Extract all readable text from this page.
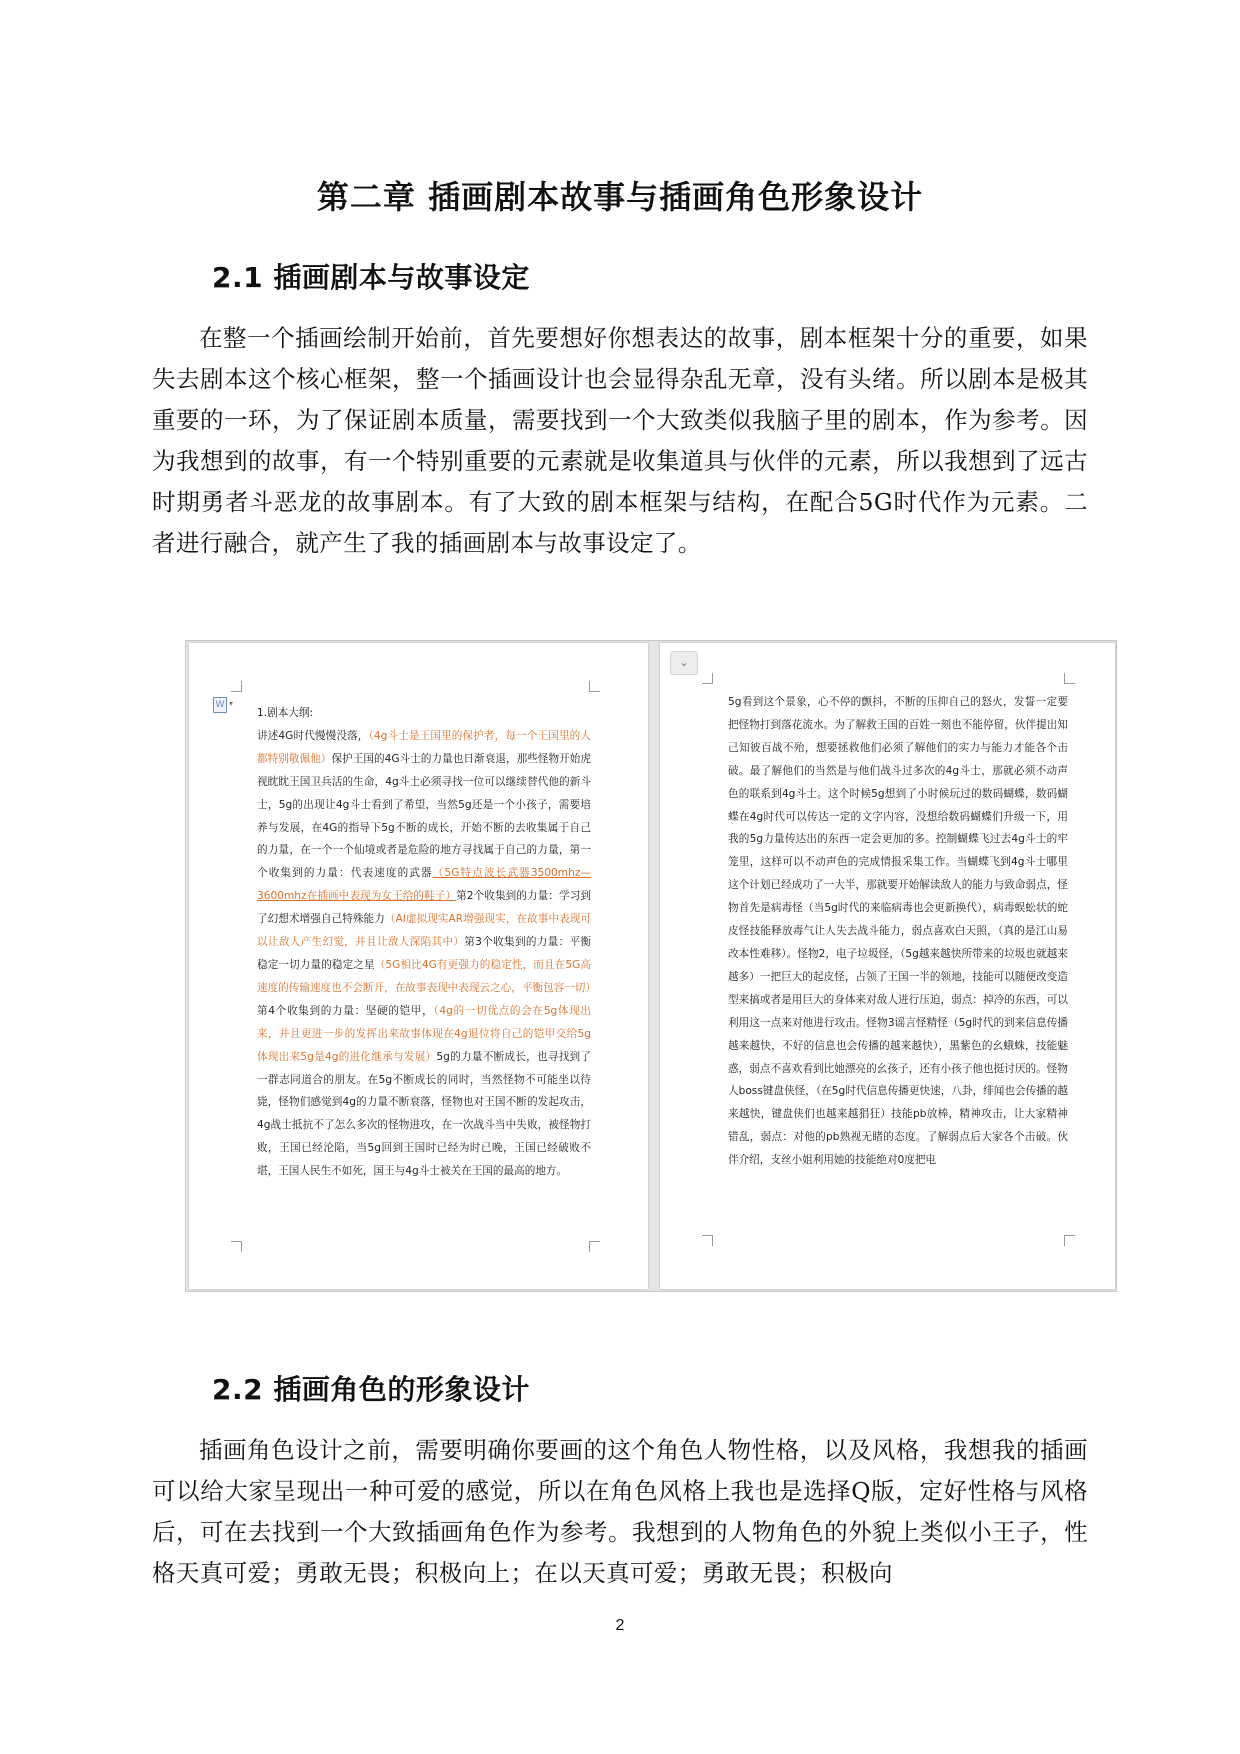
第二章 插画剧本故事与插画角色形象设计
2.1 插画剧本与故事设定

在整一个插画绘制开始前，首先要想好你想表达的故事，剧本框架十分的重要，如果失去剧本这个核心框架，整一个插画设计也会显得杂乱无章，没有头绪。所以剧本是极其重要的一环，为了保证剧本质量，需要找到一个大致类似我脑子里的剧本，作为参考。因为我想到的故事，有一个特别重要的元素就是收集道具与伙伴的元素，所以我想到了远古时期勇者斗恶龙的故事剧本。有了大致的剧本框架与结构，在配合5G时代作为元素。二者进行融合，就产生了我的插画剧本与故事设定了。

W ▾
1.剧本大纲:
讲述4G时代慢慢没落，（4g斗士是王国里的保护者，每一个王国里的人都特别敬佩他）保护王国的4G斗士的力量也日渐衰退，那些怪物开始虎视眈眈王国卫兵活的生命，4g斗士必须寻找一位可以继续替代他的新斗士，5g的出现让4g斗士看到了希望，当然5g还是一个小孩子，需要培养与发展，在4G的指导下5g不断的成长，开始不断的去收集属于自己的力量，在一个一个仙境或者是危险的地方寻找属于自己的力量，第一个收集到的力量：代表速度的武器（5G特点波长武器3500mhz—3600mhz在插画中表现为女王给的鞋子）第2个收集到的力量：学习到了幻想术增强自己特殊能力（AI虚拟现实AR增强现实，在故事中表现可以让敌人产生幻觉，并且让敌人深陷其中）第3个收集到的力量：平衡稳定一切力量的稳定之星（5G相比4G有更强力的稳定性，而且在5G高速度的传输速度也不会断开，在故事表现中表现云之心，平衡包容一切）第4个收集到的力量：坚硬的铠甲，（4g的一切优点的会在5g体现出来，并且更进一步的发挥出来故事体现在4g退位将自己的铠甲交给5g体现出来5g是4g的进化继承与发展）5g的力量不断成长，也寻找到了一群志同道合的朋友。在5g不断成长的同时，当然怪物不可能坐以待毙，怪物们感觉到4g的力量不断衰落，怪物也对王国不断的发起攻击，4g战士抵抗不了怎么多次的怪物进攻，在一次战斗当中失败，被怪物打败，王国已经沦陷，当5g回到王国时已经为时已晚，王国已经破败不堪，王国人民生不如死，国王与4g斗士被关在王国的最高的地方。
⌄
5g看到这个景象，心不停的颤抖，不断的压抑自己的怒火，发誓一定要把怪物打到落花流水。为了解救王国的百姓一刻也不能停留，伙伴提出知己知彼百战不殆，想要拯救他们必须了解他们的实力与能力才能各个击破。最了解他们的当然是与他们战斗过多次的4g斗士，那就必须不动声色的联系到4g斗士。这个时候5g想到了小时候玩过的数码蝴蝶，数码蝴蝶在4g时代可以传达一定的文字内容，没想给数码蝴蝶们升级一下，用我的5g力量传达出的东西一定会更加的多。控制蝴蝶飞过去4g斗士的牢笼里，这样可以不动声色的完成情报采集工作。当蝴蝶飞到4g斗士哪里这个计划已经成功了一大半，那就要开始解读敌人的能力与致命弱点，怪物首先是病毒怪（当5g时代的来临病毒也会更新换代），病毒蜈蚣状的蛇皮怪技能释放毒气让人失去战斗能力，弱点喜欢白天照，（真的是江山易改本性难移）。怪物2，电子垃圾怪，（5g越来越快所带来的垃圾也就越来越多）一把巨大的起皮怪，占领了王国一半的领地，技能可以随便改变造型来搞或者是用巨大的身体来对敌人进行压迫，弱点：掉冷的东西，可以利用这一点来对他进行攻击。怪物3谣言怪精怪（5g时代的到来信息传播越来越快，不好的信息也会传播的越来越快），黑紫色的幺蛾蛛，技能魅惑，弱点不喜欢看到比她漂亮的幺孩子，还有小孩子他也挺讨厌的。怪物人boss键盘侠怪，（在5g时代信息传播更快速，八卦，绯闻也会传播的越来越快，键盘侠们也越来越猖狂）技能pb放棒，精神攻击，让大家精神错乱，弱点：对他的pb熟视无睹的态度。了解弱点后大家各个击破。伙伴介绍，支丝小姐利用她的技能绝对0度把电
2.2 插画角色的形象设计

插画角色设计之前，需要明确你要画的这个角色人物性格，以及风格，我想我的插画可以给大家呈现出一种可爱的感觉，所以在角色风格上我也是选择Q版，定好性格与风格后，可在去找到一个大致插画角色作为参考。我想到的人物角色的外貌上类似小王子，性格天真可爱；勇敢无畏；积极向上；在以天真可爱；勇敢无畏；积极向

2
